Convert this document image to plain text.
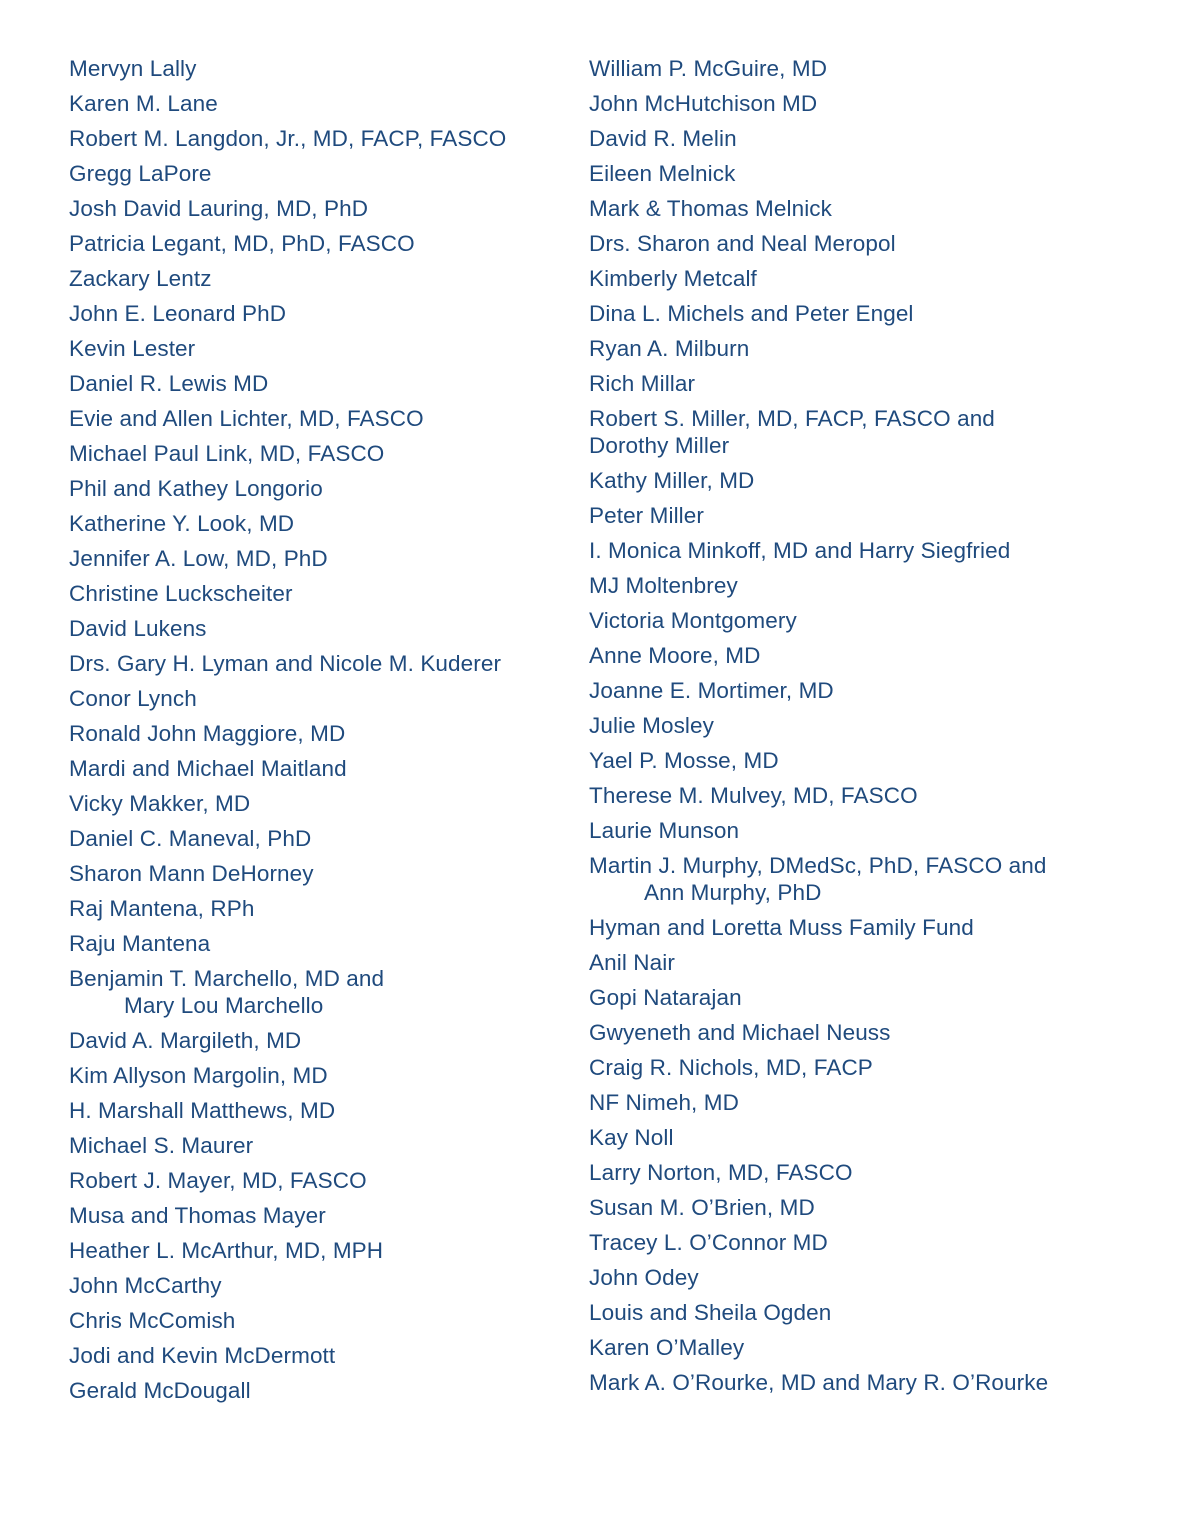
Mervyn Lally
Karen M. Lane
Robert M. Langdon, Jr., MD, FACP, FASCO
Gregg LaPore
Josh David Lauring, MD, PhD
Patricia Legant, MD, PhD, FASCO
Zackary Lentz
John E. Leonard PhD
Kevin Lester
Daniel R. Lewis MD
Evie and Allen Lichter, MD, FASCO
Michael Paul Link, MD, FASCO
Phil and Kathey Longorio
Katherine Y. Look, MD
Jennifer A. Low, MD, PhD
Christine Luckscheiter
David Lukens
Drs. Gary H. Lyman and Nicole M. Kuderer
Conor Lynch
Ronald John Maggiore, MD
Mardi and Michael Maitland
Vicky Makker, MD
Daniel C. Maneval, PhD
Sharon Mann DeHorney
Raj Mantena, RPh
Raju Mantena
Benjamin T. Marchello, MD and
Mary Lou Marchello
David A. Margileth, MD
Kim Allyson Margolin, MD
H. Marshall Matthews, MD
Michael S. Maurer
Robert J. Mayer, MD, FASCO
Musa and Thomas Mayer
Heather L. McArthur, MD, MPH
John McCarthy
Chris McComish
Jodi and Kevin McDermott
Gerald McDougall
William P. McGuire, MD
John McHutchison MD
David R. Melin
Eileen Melnick
Mark & Thomas Melnick
Drs. Sharon and Neal Meropol
Kimberly Metcalf
Dina L. Michels and Peter Engel
Ryan A. Milburn
Rich Millar
Robert S. Miller, MD, FACP, FASCO and
Dorothy Miller
Kathy Miller, MD
Peter Miller
I. Monica Minkoff, MD and Harry Siegfried
MJ Moltenbrey
Victoria Montgomery
Anne Moore, MD
Joanne E. Mortimer, MD
Julie Mosley
Yael P. Mosse, MD
Therese M. Mulvey, MD, FASCO
Laurie Munson
Martin J. Murphy, DMedSc, PhD, FASCO and
Ann Murphy, PhD
Hyman and Loretta Muss Family Fund
Anil Nair
Gopi Natarajan
Gwyeneth and Michael Neuss
Craig R. Nichols, MD, FACP
NF Nimeh, MD
Kay Noll
Larry Norton, MD, FASCO
Susan M. O’Brien, MD
Tracey L. O’Connor MD
John Odey
Louis and Sheila Ogden
Karen O’Malley
Mark A. O’Rourke, MD and Mary R. O’Rourke
